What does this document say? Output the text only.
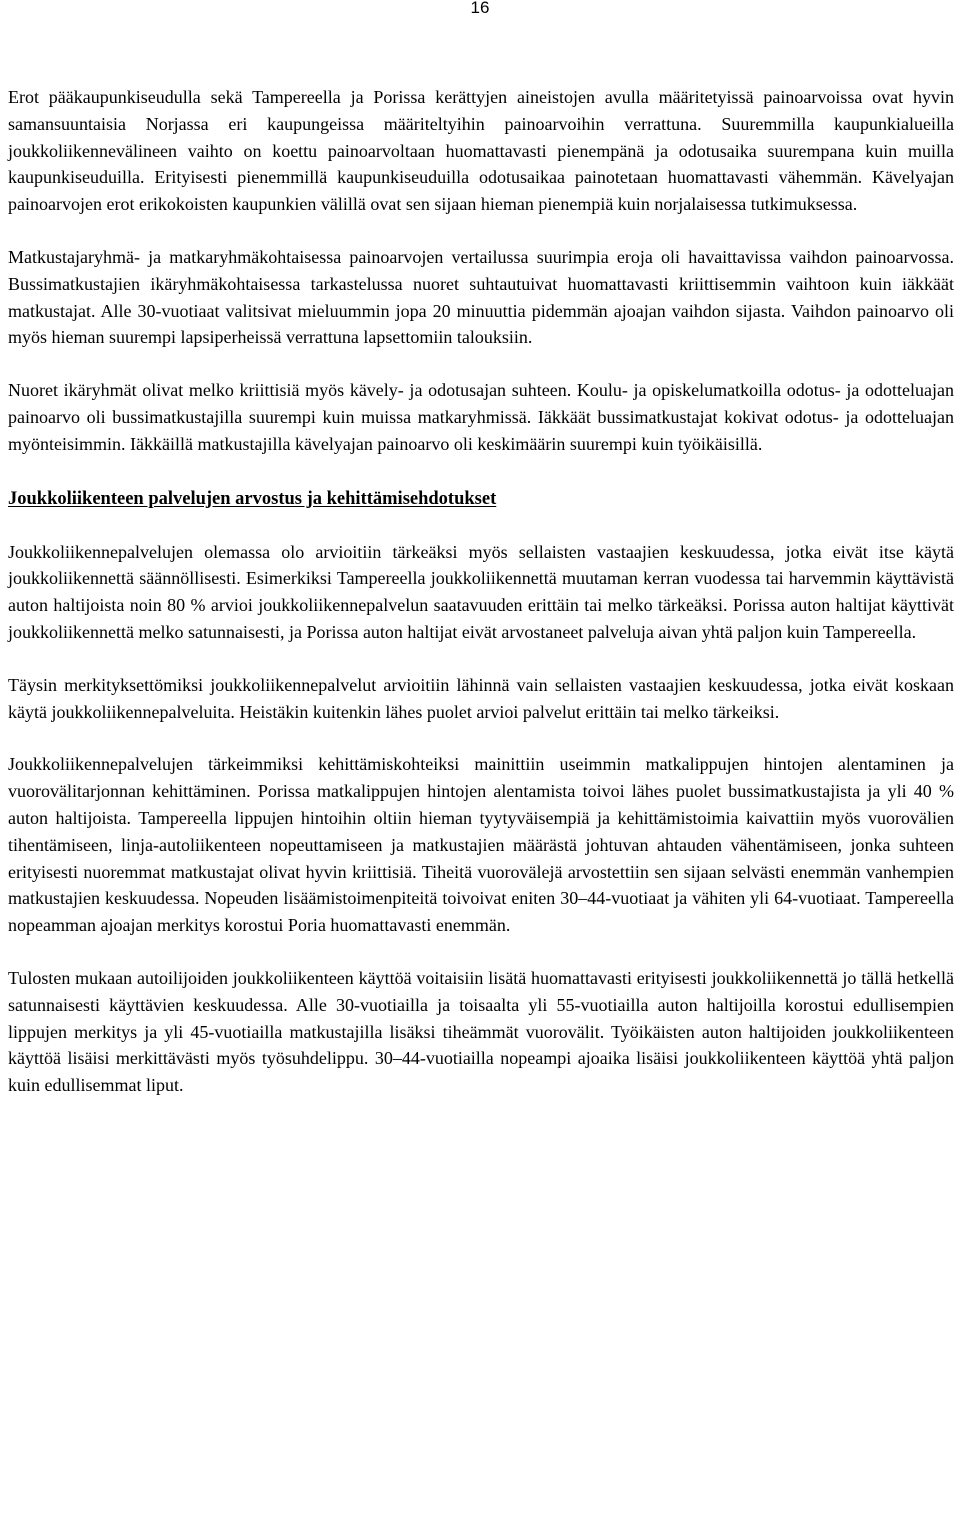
16

Erot pääkaupunkiseudulla sekä Tampereella ja Porissa kerättyjen aineistojen avulla määritetyissä painoarvoissa ovat hyvin samansuuntaisia Norjassa eri kaupungeissa määriteltyihin painoarvoihin verrattuna. Suuremmilla kaupunkialueilla joukkoliikennevälineen vaihto on koettu painoarvoltaan huomattavasti pienempänä ja odotusaika suurempana kuin muilla kaupunkiseuduilla. Erityisesti pienemmillä kaupunkiseuduilla odotusaikaa painotetaan huomattavasti vähemmän. Kävelyajan painoarvojen erot erikokoisten kaupunkien välillä ovat sen sijaan hieman pienempiä kuin norjalaisessa tutkimuksessa.

Matkustajaryhmä- ja matkaryhmäkohtaisessa painoarvojen vertailussa suurimpia eroja oli havaittavissa vaihdon painoarvossa. Bussimatkustajien ikäryhmäkohtaisessa tarkastelussa nuoret suhtautuivat huomattavasti kriittisemmin vaihtoon kuin iäkkäät matkustajat. Alle 30-vuotiaat valitsivat mieluummin jopa 20 minuuttia pidemmän ajoajan vaihdon sijasta. Vaihdon painoarvo oli myös hieman suurempi lapsiperheissä verrattuna lapsettomiin talouksiin.

Nuoret ikäryhmät olivat melko kriittisiä myös kävely- ja odotusajan suhteen. Koulu- ja opiskelumatkoilla odotus- ja odotteluajan painoarvo oli bussimatkustajilla suurempi kuin muissa matkaryhmissä. Iäkkäät bussimatkustajat kokivat odotus- ja odotteluajan myönteisimmin. Iäkkäillä matkustajilla kävelyajan painoarvo oli keskimäärin suurempi kuin työikäisillä.

Joukkoliikenteen palvelujen arvostus ja kehittämisehdotukset

Joukkoliikennepalvelujen olemassa olo arvioitiin tärkeäksi myös sellaisten vastaajien keskuudessa, jotka eivät itse käytä joukkoliikennettä säännöllisesti. Esimerkiksi Tampereella joukkoliikennettä muutaman kerran vuodessa tai harvemmin käyttävistä auton haltijoista noin 80 % arvioi joukkoliikennepalvelun saatavuuden erittäin tai melko tärkeäksi. Porissa auton haltijat käyttivät joukkoliikennettä melko satunnaisesti, ja Porissa auton haltijat eivät arvostaneet palveluja aivan yhtä paljon kuin Tampereella.

Täysin merkityksettömiksi joukkoliikennepalvelut arvioitiin lähinnä vain sellaisten vastaajien keskuudessa, jotka eivät koskaan käytä joukkoliikennepalveluita. Heistäkin kuitenkin lähes puolet arvioi palvelut erittäin tai melko tärkeiksi.

Joukkoliikennepalvelujen tärkeimmiksi kehittämiskohteiksi mainittiin useimmin matkalippujen hintojen alentaminen ja vuorovälitarjonnan kehittäminen. Porissa matkalippujen hintojen alentamista toivoi lähes puolet bussimatkustajista ja yli 40 % auton haltijoista. Tampereella lippujen hintoihin oltiin hieman tyytyväisempiä ja kehittämistoimia kaivattiin myös vuorovälien tihentämiseen, linja-autoliikenteen nopeuttamiseen ja matkustajien määrästä johtuvan ahtauden vähentämiseen, jonka suhteen erityisesti nuoremmat matkustajat olivat hyvin kriittisiä. Tiheitä vuorovälejä arvostettiin sen sijaan selvästi enemmän vanhempien matkustajien keskuudessa. Nopeuden lisäämistoimenpiteitä toivoivat eniten 30–44-vuotiaat ja vähiten yli 64-vuotiaat. Tampereella nopeamman ajoajan merkitys korostui Poria huomattavasti enemmän.

Tulosten mukaan autoilijoiden joukkoliikenteen käyttöä voitaisiin lisätä huomattavasti erityisesti joukkoliikennettä jo tällä hetkellä satunnaisesti käyttävien keskuudessa. Alle 30-vuotiailla ja toisaalta yli 55-vuotiailla auton haltijoilla korostui edullisempien lippujen merkitys ja yli 45-vuotiailla matkustajilla lisäksi tiheämmät vuorovälit. Työikäisten auton haltijoiden joukkoliikenteen käyttöä lisäisi merkittävästi myös työsuhdelippu. 30–44-vuotiailla nopeampi ajoaika lisäisi joukkoliikenteen käyttöä yhtä paljon kuin edullisemmat liput.
